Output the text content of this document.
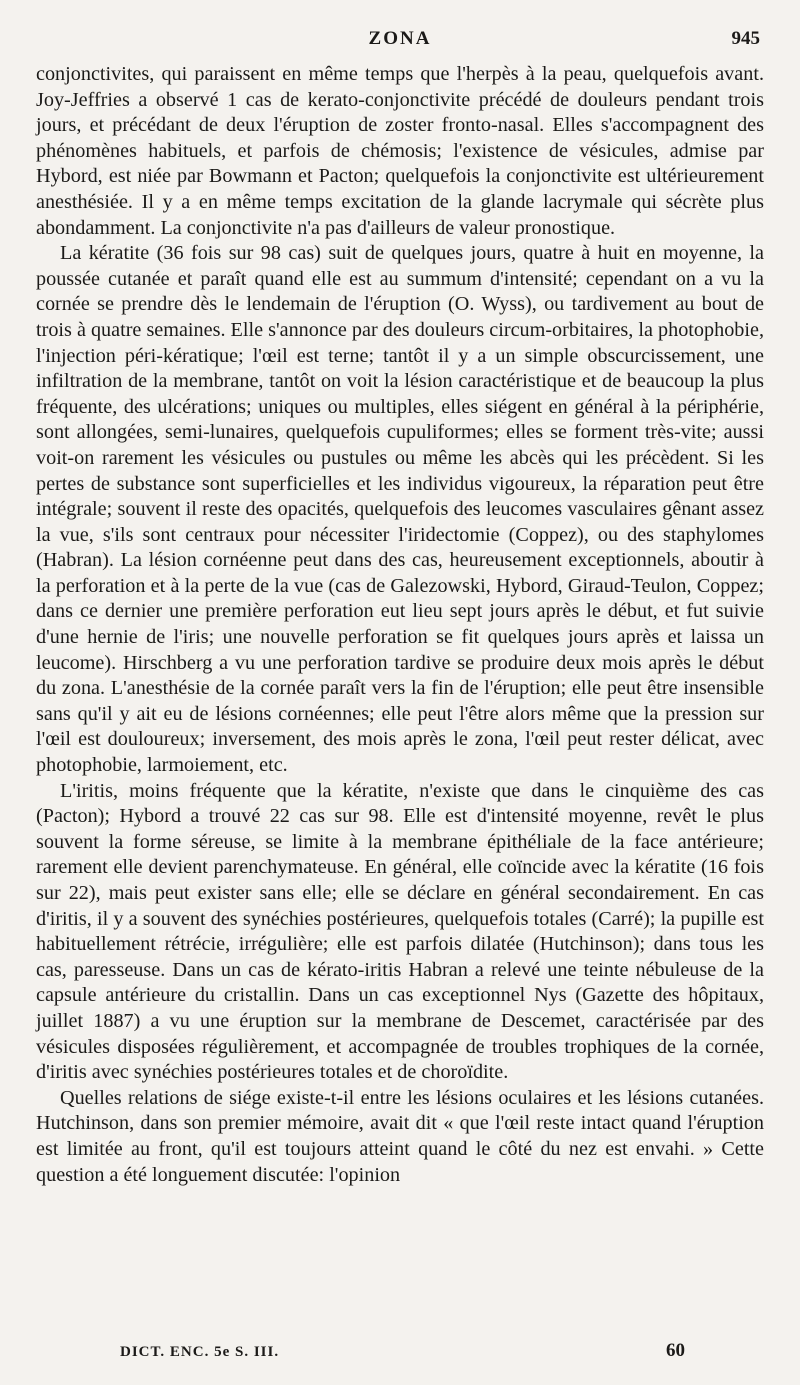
ZONA	945

conjonctivites, qui paraissent en même temps que l'herpès à la peau, quelquefois avant. Joy-Jeffries a observé 1 cas de kerato-conjonctivite précédé de douleurs pendant trois jours, et précédant de deux l'éruption de zoster fronto-nasal. Elles s'accompagnent des phénomènes habituels, et parfois de chémosis; l'existence de vésicules, admise par Hybord, est niée par Bowmann et Pacton; quelquefois la conjonctivite est ultérieurement anesthésiée. Il y a en même temps excitation de la glande lacrymale qui sécrète plus abondamment. La conjonctivite n'a pas d'ailleurs de valeur pronostique.

La kératite (36 fois sur 98 cas) suit de quelques jours, quatre à huit en moyenne, la poussée cutanée et paraît quand elle est au summum d'intensité; cependant on a vu la cornée se prendre dès le lendemain de l'éruption (O. Wyss), ou tardivement au bout de trois à quatre semaines. Elle s'annonce par des douleurs circum-orbitaires, la photophobie, l'injection péri-kératique; l'œil est terne; tantôt il y a un simple obscurcissement, une infiltration de la membrane, tantôt on voit la lésion caractéristique et de beaucoup la plus fréquente, des ulcérations; uniques ou multiples, elles siégent en général à la périphérie, sont allongées, semi-lunaires, quelquefois cupuliformes; elles se forment très-vite; aussi voit-on rarement les vésicules ou pustules ou même les abcès qui les précèdent. Si les pertes de substance sont superficielles et les individus vigoureux, la réparation peut être intégrale; souvent il reste des opacités, quelquefois des leucomes vasculaires gênant assez la vue, s'ils sont centraux pour nécessiter l'iridectomie (Coppez), ou des staphylomes (Habran). La lésion cornéenne peut dans des cas, heureusement exceptionnels, aboutir à la perforation et à la perte de la vue (cas de Galezowski, Hybord, Giraud-Teulon, Coppez; dans ce dernier une première perforation eut lieu sept jours après le début, et fut suivie d'une hernie de l'iris; une nouvelle perforation se fit quelques jours après et laissa un leucome). Hirschberg a vu une perforation tardive se produire deux mois après le début du zona. L'anesthésie de la cornée paraît vers la fin de l'éruption; elle peut être insensible sans qu'il y ait eu de lésions cornéennes; elle peut l'être alors même que la pression sur l'œil est douloureux; inversement, des mois après le zona, l'œil peut rester délicat, avec photophobie, larmoiement, etc.

L'iritis, moins fréquente que la kératite, n'existe que dans le cinquième des cas (Pacton); Hybord a trouvé 22 cas sur 98. Elle est d'intensité moyenne, revêt le plus souvent la forme séreuse, se limite à la membrane épithéliale de la face antérieure; rarement elle devient parenchymateuse. En général, elle coïncide avec la kératite (16 fois sur 22), mais peut exister sans elle; elle se déclare en général secondairement. En cas d'iritis, il y a souvent des synéchies postérieures, quelquefois totales (Carré); la pupille est habituellement rétrécie, irrégulière; elle est parfois dilatée (Hutchinson); dans tous les cas, paresseuse. Dans un cas de kérato-iritis Habran a relevé une teinte nébuleuse de la capsule antérieure du cristallin. Dans un cas exceptionnel Nys (Gazette des hôpitaux, juillet 1887) a vu une éruption sur la membrane de Descemet, caractérisée par des vésicules disposées régulièrement, et accompagnée de troubles trophiques de la cornée, d'iritis avec synéchies postérieures totales et de choroïdite.

Quelles relations de siége existe-t-il entre les lésions oculaires et les lésions cutanées. Hutchinson, dans son premier mémoire, avait dit « que l'œil reste intact quand l'éruption est limitée au front, qu'il est toujours atteint quand le côté du nez est envahi. » Cette question a été longuement discutée: l'opinion

DICT. ENC. 5e S. III.	60
